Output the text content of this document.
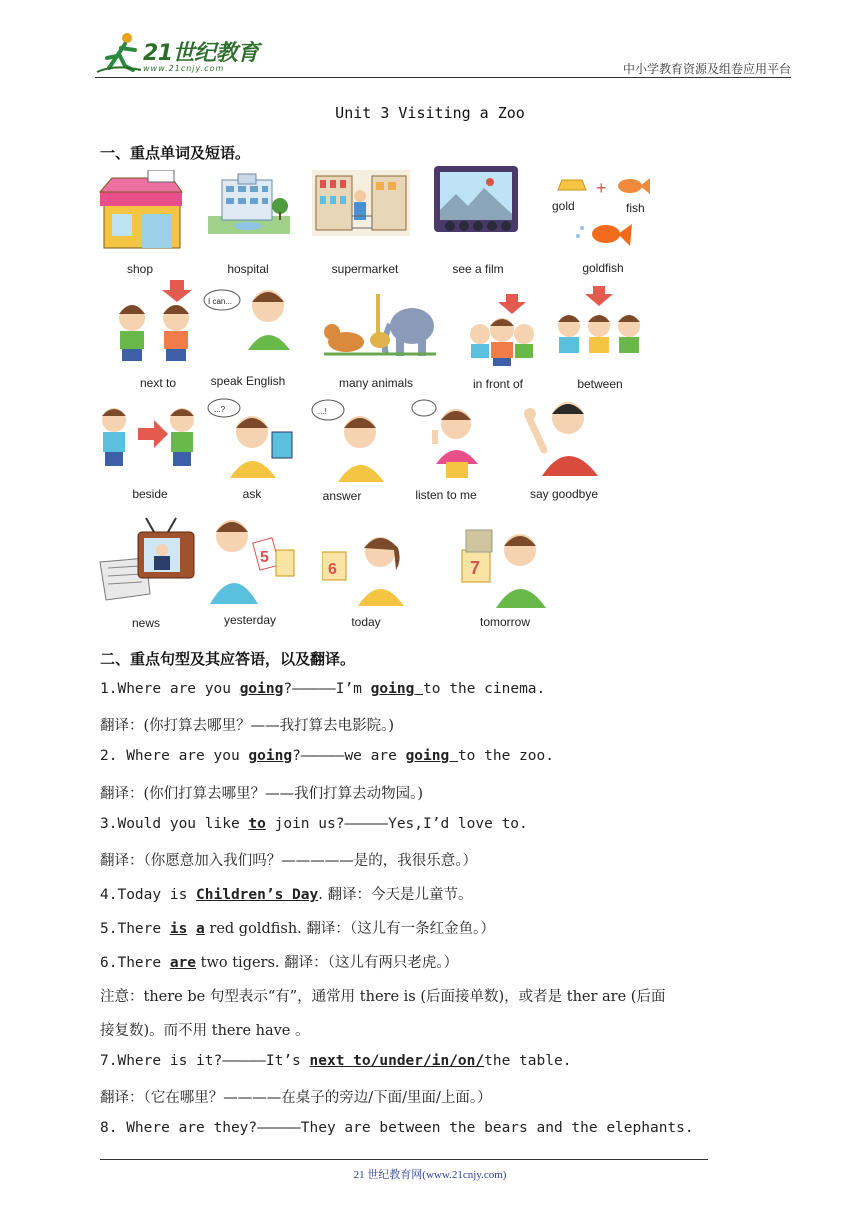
21世纪教育
www.21cnjy.com	中小学教育资源及组卷应用平台
Unit 3 Visiting a Zoo
一、重点单词及短语。
shop	hospital	supermarket	see a film
gold
+
fish
goldfish
next to
I can...
speak English	many animals	in front of	between
beside
...?
ask
...!
answer	listen to me	say goodbye
news
5
yesterday
6
today
7
tomorrow
二、重点句型及其应答语，以及翻译。
1.Where are you going?—————I’m going to the cinema.
翻译：(你打算去哪里？——我打算去电影院。)
2. Where are you going?—————we are going to the zoo.
翻译：(你们打算去哪里？——我们打算去动物园。)
3.Would you like to join us?—————Yes,I’d love to.
翻译：（你愿意加入我们吗？—————是的，我很乐意。）
4.Today is Children’s Day. 翻译：今天是儿童节。
5.There is a red goldfish. 翻译：（这儿有一条红金鱼。）
6.There are two tigers. 翻译：（这儿有两只老虎。）
注意：there be 句型表示“有”，通常用 there is (后面接单数)，或者是 ther are (后面
接复数)。而不用 there have 。
7.Where is it?—————It’s next to/under/in/on/the table.
翻译：（它在哪里？————在桌子的旁边/下面/里面/上面。）
8. Where are they?—————They are between the bears and the elephants.
21 世纪教育网(www.21cnjy.com)
